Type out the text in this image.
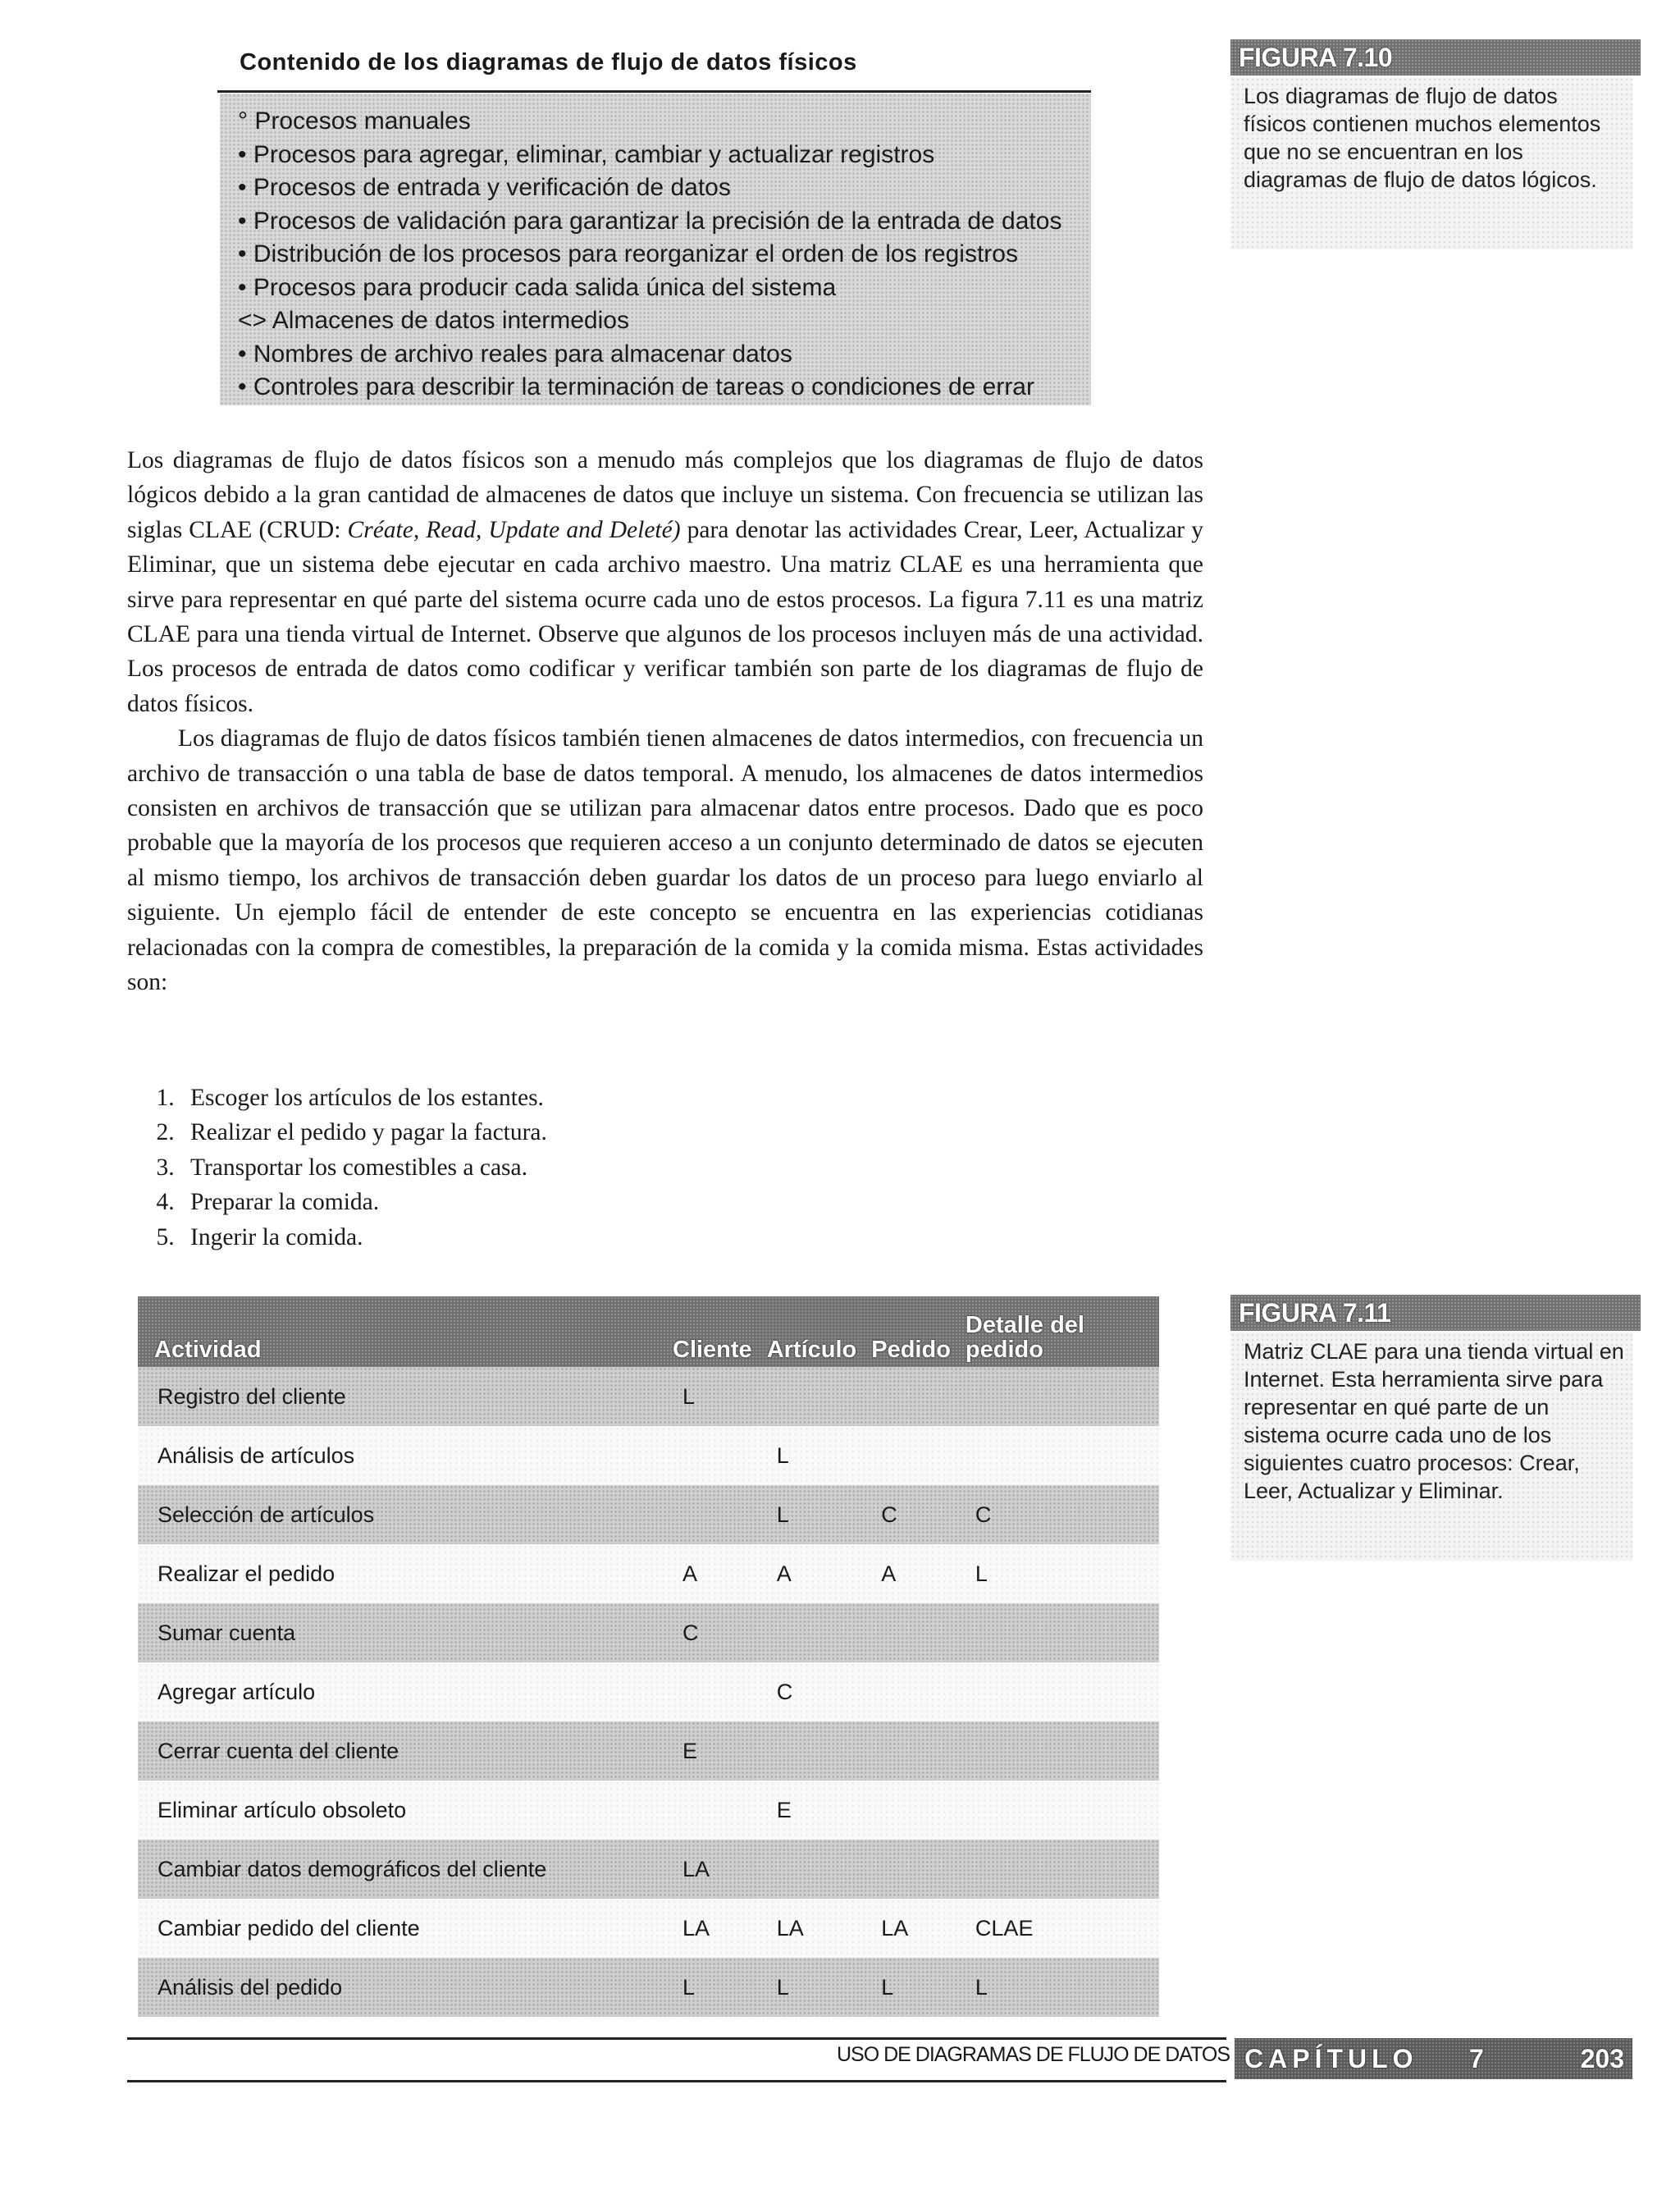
Contenido de los diagramas de flujo de datos físicos
° Procesos manuales
• Procesos para agregar, eliminar, cambiar y actualizar registros
• Procesos de entrada y verificación de datos
• Procesos de validación para garantizar la precisión de la entrada de datos
• Distribución de los procesos para reorganizar el orden de los registros
• Procesos para producir cada salida única del sistema
<> Almacenes de datos intermedios
• Nombres de archivo reales para almacenar datos
• Controles para describir la terminación de tareas o condiciones de errar
FIGURA 7.10
Los diagramas de flujo de datos físicos contienen muchos elementos que no se encuentran en los diagramas de flujo de datos lógicos.

Los diagramas de flujo de datos físicos son a menudo más complejos que los diagramas de flujo de datos lógicos debido a la gran cantidad de almacenes de datos que incluye un sistema. Con frecuencia se utilizan las siglas CLAE (CRUD: Créate, Read, Update and Deleté) para denotar las actividades Crear, Leer, Actualizar y Eliminar, que un sistema debe ejecutar en cada archivo maestro. Una matriz CLAE es una herramienta que sirve para representar en qué parte del sistema ocurre cada uno de estos procesos. La figura 7.11 es una matriz CLAE para una tienda virtual de Internet. Observe que algunos de los procesos incluyen más de una actividad. Los procesos de entrada de datos como codificar y verificar también son parte de los diagramas de flujo de datos físicos.

Los diagramas de flujo de datos físicos también tienen almacenes de datos intermedios, con frecuencia un archivo de transacción o una tabla de base de datos temporal. A menudo, los almacenes de datos intermedios consisten en archivos de transacción que se utilizan para almacenar datos entre procesos. Dado que es poco probable que la mayoría de los procesos que requieren acceso a un conjunto determinado de datos se ejecuten al mismo tiempo, los archivos de transacción deben guardar los datos de un proceso para luego enviarlo al siguiente. Un ejemplo fácil de entender de este concepto se encuentra en las experiencias cotidianas relacionadas con la compra de comestibles, la preparación de la comida y la comida misma. Estas actividades son:

1. Escoger los artículos de los estantes.
2. Realizar el pedido y pagar la factura.
3. Transportar los comestibles a casa.
4. Preparar la comida.
5. Ingerir la comida.
Actividad	Cliente	Artículo	Pedido	Detalle del pedido
Registro del cliente	L			
Análisis de artículos		L		
Selección de artículos		L	C	C
Realizar el pedido	A	A	A	L
Sumar cuenta	C			
Agregar artículo		C		
Cerrar cuenta del cliente	E			
Eliminar artículo obsoleto		E		
Cambiar datos demográficos del cliente	LA			
Cambiar pedido del cliente	LA	LA	LA	CLAE
Análisis del pedido	L	L	L	L
FIGURA 7.11
Matriz CLAE para una tienda virtual en Internet. Esta herramienta sirve para representar en qué parte de un sistema ocurre cada uno de los siguientes cuatro procesos: Crear, Leer, Actualizar y Eliminar.
USO DE DIAGRAMAS DE FLUJO DE DATOS CAPÍTULO 7	203
